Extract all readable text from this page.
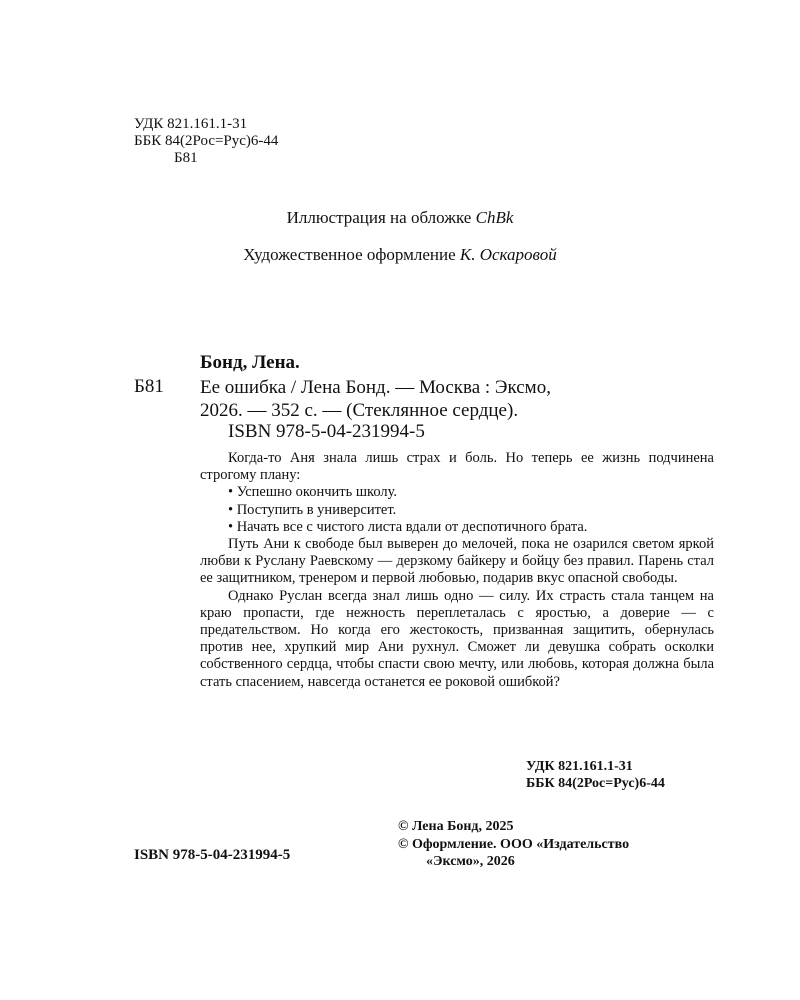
УДК 821.161.1-31
ББК 84(2Рос=Рус)6-44
Б81
Иллюстрация на обложке ChBk
Художественное оформление К. Оскаровой
Бонд, Лена.
Б81 Ее ошибка / Лена Бонд. — Москва : Эксмо,
2026. — 352 с. — (Стеклянное сердце).
ISBN 978-5-04-231994-5

Когда-то Аня знала лишь страх и боль. Но теперь ее жизнь подчинена строгому плану:

• Успешно окончить школу.

• Поступить в университет.

• Начать все с чистого листа вдали от деспотичного брата.

Путь Ани к свободе был выверен до мелочей, пока не озарился светом яркой любви к Руслану Раевскому — дерзкому байкеру и бойцу без правил. Парень стал ее защитником, тренером и первой любовью, подарив вкус опасной свободы.

Однако Руслан всегда знал лишь одно — силу. Их страсть стала танцем на краю пропасти, где нежность переплеталась с яростью, а доверие — с предательством. Но когда его жестокость, призванная защитить, обернулась против нее, хрупкий мир Ани рухнул. Сможет ли девушка собрать осколки собственного сердца, чтобы спасти свою мечту, или любовь, которая должна была стать спасением, навсегда останется ее роковой ошибкой?

УДК 821.161.1-31
ББК 84(2Рос=Рус)6-44
© Лена Бонд, 2025
© Оформление. ООО «Издательство
«Эксмо», 2026
ISBN 978-5-04-231994-5
